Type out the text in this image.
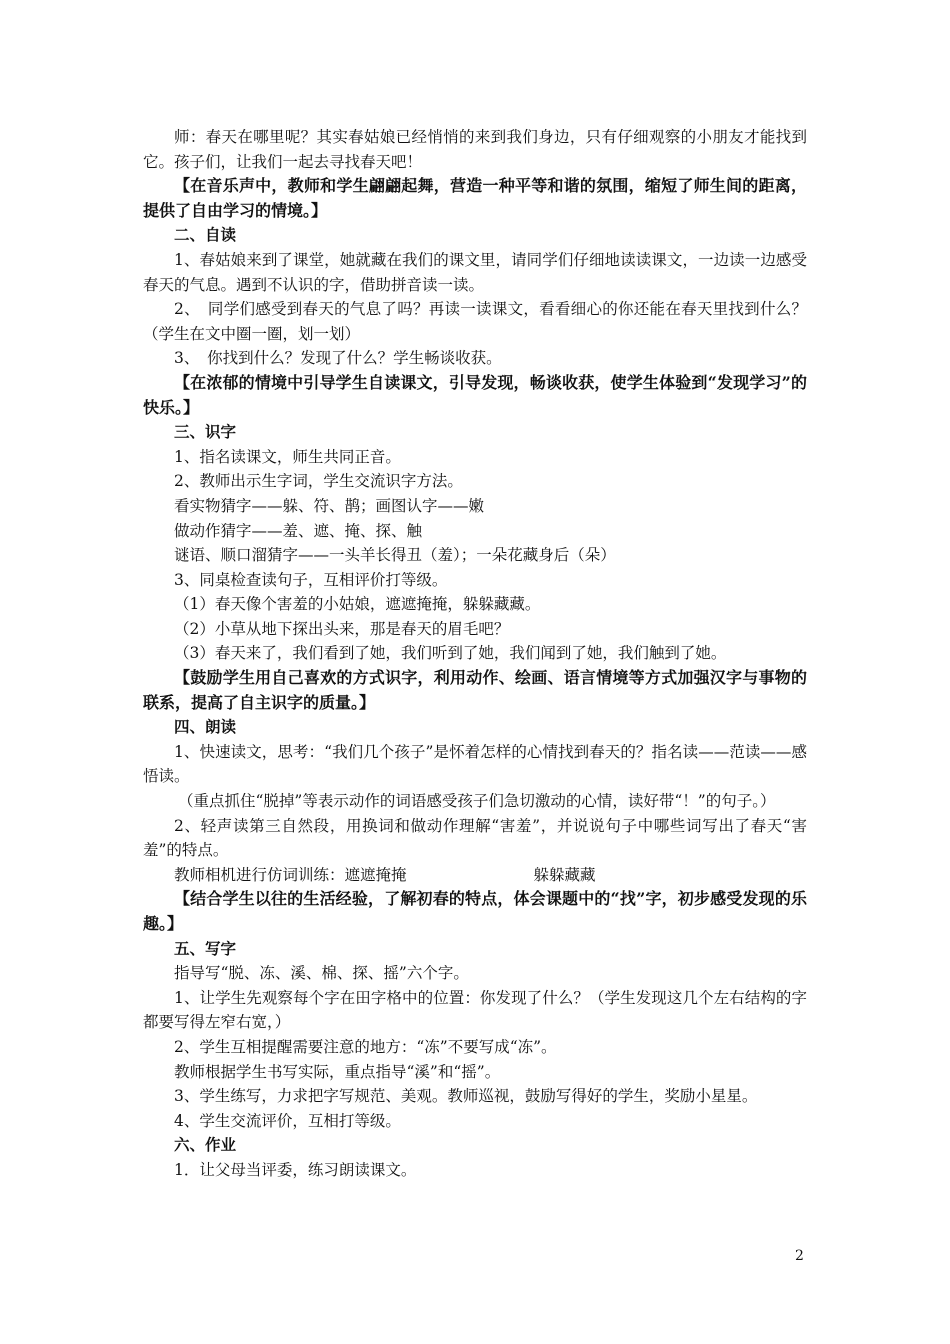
师：春天在哪里呢？其实春姑娘已经悄悄的来到我们身边，只有仔细观察的小朋友才能找到它。孩子们，让我们一起去寻找春天吧！

【在音乐声中，教师和学生翩翩起舞，营造一种平等和谐的氛围，缩短了师生间的距离，提供了自由学习的情境。】

二、自读

1、春姑娘来到了课堂，她就藏在我们的课文里，请同学们仔细地读读课文，一边读一边感受春天的气息。遇到不认识的字，借助拼音读一读。

2、　同学们感受到春天的气息了吗？再读一读课文，看看细心的你还能在春天里找到什么？（学生在文中圈一圈，划一划）

3、　你找到什么？发现了什么？学生畅谈收获。

【在浓郁的情境中引导学生自读课文，引导发现，畅谈收获，使学生体验到“发现学习”的快乐。】

三、识字

1、指名读课文，师生共同正音。

2、教师出示生字词，学生交流识字方法。

看实物猜字——躲、符、鹊；画图认字——嫩

做动作猜字——羞、遮、掩、探、触

谜语、顺口溜猜字——一头羊长得丑（羞）；一朵花藏身后（朵）

3、同桌检查读句子，互相评价打等级。

（1）春天像个害羞的小姑娘，遮遮掩掩，躲躲藏藏。

（2）小草从地下探出头来，那是春天的眉毛吧？

（3）春天来了，我们看到了她，我们听到了她，我们闻到了她，我们触到了她。

【鼓励学生用自己喜欢的方式识字，利用动作、绘画、语言情境等方式加强汉字与事物的联系，提高了自主识字的质量。】

四、朗读

1、快速读文，思考：“我们几个孩子”是怀着怎样的心情找到春天的？指名读——范读——感悟读。

（重点抓住“脱掉”等表示动作的词语感受孩子们急切激动的心情，读好带“！”的句子。）

2、轻声读第三自然段，用换词和做动作理解“害羞”，并说说句子中哪些词写出了春天“害羞”的特点。

教师相机进行仿词训练：遮遮掩掩	躲躲藏藏

【结合学生以往的生活经验，了解初春的特点，体会课题中的“找”字，初步感受发现的乐趣。】

五、写字

指导写“脱、冻、溪、棉、探、摇”六个字。

1、让学生先观察每个字在田字格中的位置：你发现了什么？（学生发现这几个左右结构的字都要写得左窄右宽，）

2、学生互相提醒需要注意的地方：“冻”不要写成“冻”。

教师根据学生书写实际，重点指导“溪”和“摇”。

3、学生练写，力求把字写规范、美观。教师巡视，鼓励写得好的学生，奖励小星星。

4、学生交流评价，互相打等级。

六、作业

1．让父母当评委，练习朗读课文。

2
